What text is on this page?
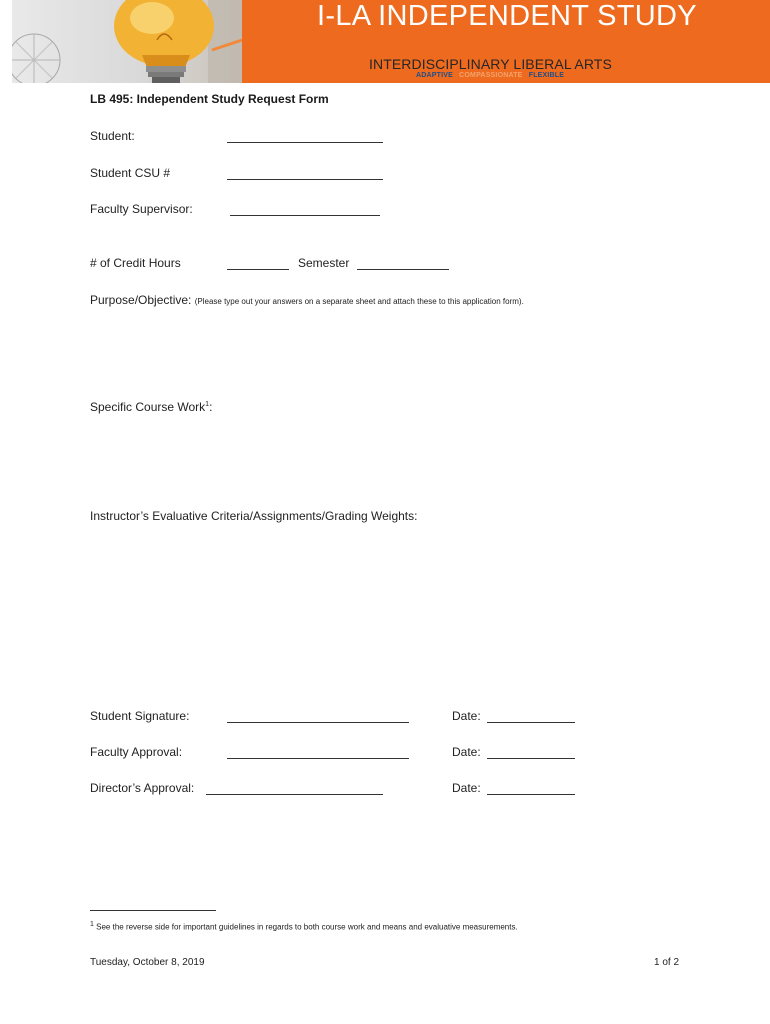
I-LA INDEPENDENT STUDY
INTERDISCIPLINARY LIBERAL ARTS
ADAPTIVE COMPASSIONATE FLEXIBLE
LB 495: Independent Study Request Form
Student:
Student CSU #
Faculty Supervisor:
# of Credit Hours	Semester
Purpose/Objective: (Please type out your answers on a separate sheet and attach these to this application form).
Specific Course Work$^1$:
Instructor’s Evaluative Criteria/Assignments/Grading Weights:
Student Signature:	Date:
Faculty Approval:	Date:
Director’s Approval:	Date:
1 See the reverse side for important guidelines in regards to both course work and means and evaluative measurements.
Tuesday, October 8, 2019	1 of 2
